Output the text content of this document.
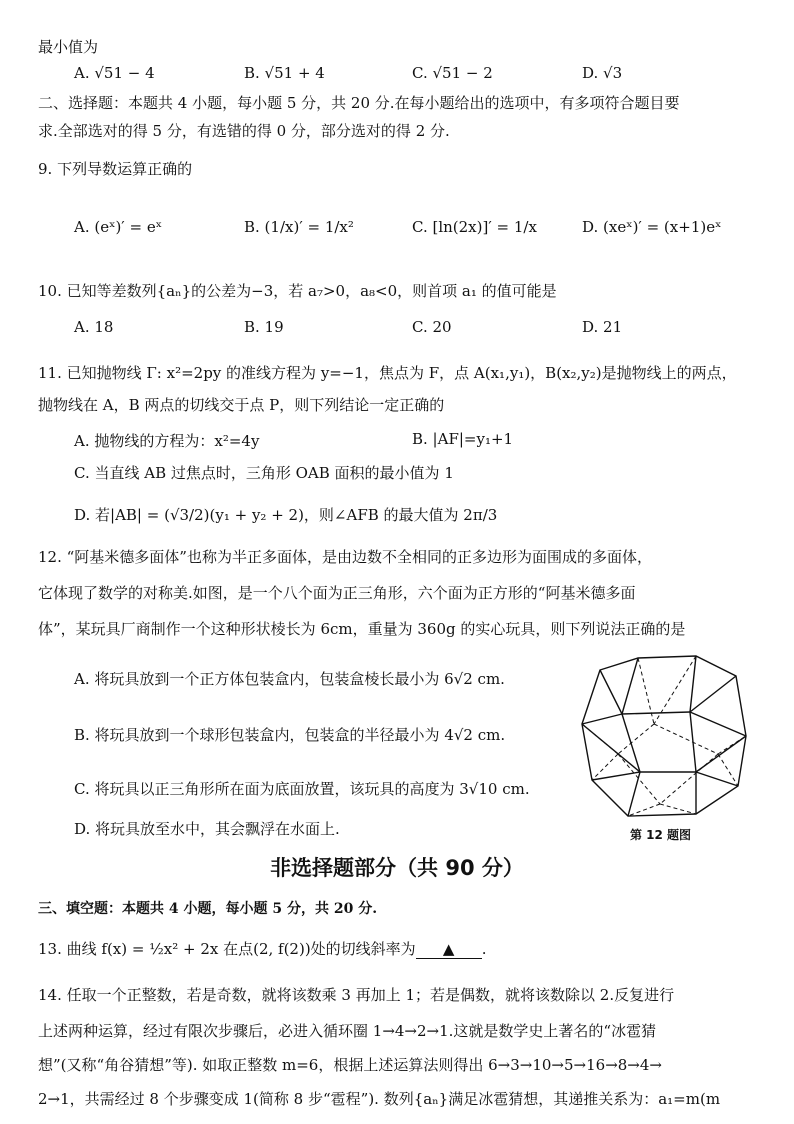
最小值为
A. √51 − 4	B. √51 + 4	C. √51 − 2	D. √3
二、选择题：本题共 4 小题，每小题 5 分，共 20 分.在每小题给出的选项中，有多项符合题目要
求.全部选对的得 5 分，有选错的得 0 分，部分选对的得 2 分.
9. 下列导数运算正确的
A. (eˣ)′ = eˣ	B. (1/x)′ = 1/x²	C. [ln(2x)]′ = 1/x	D. (xeˣ)′ = (x+1)eˣ
10. 已知等差数列{aₙ}的公差为−3，若 a₇>0，a₈<0，则首项 a₁ 的值可能是
A. 18	B. 19	C. 20	D. 21
11. 已知抛物线 Γ: x²=2py 的准线方程为 y=−1，焦点为 F，点 A(x₁,y₁)，B(x₂,y₂)是抛物线上的两点，
抛物线在 A，B 两点的切线交于点 P，则下列结论一定正确的
A. 抛物线的方程为：x²=4y	B. |AF|=y₁+1
C. 当直线 AB 过焦点时，三角形 OAB 面积的最小值为 1
D. 若|AB| = (√3/2)(y₁ + y₂ + 2)，则∠AFB 的最大值为 2π/3
12. “阿基米德多面体”也称为半正多面体，是由边数不全相同的正多边形为面围成的多面体，
它体现了数学的对称美.如图，是一个八个面为正三角形，六个面为正方形的“阿基米德多面
体”，某玩具厂商制作一个这种形状棱长为 6cm，重量为 360g 的实心玩具，则下列说法正确的是
A. 将玩具放到一个正方体包装盒内，包装盒棱长最小为 6√2 cm.
B. 将玩具放到一个球形包装盒内，包装盒的半径最小为 4√2 cm.
C. 将玩具以正三角形所在面为底面放置，该玩具的高度为 3√10 cm.
D. 将玩具放至水中，其会飘浮在水面上.	第 12 题图
非选择题部分（共 90 分）
三、填空题：本题共 4 小题，每小题 5 分，共 20 分.
13. 曲线 f(x) = ½x² + 2x 在点(2, f(2))处的切线斜率为 ▲ .
14. 任取一个正整数，若是奇数，就将该数乘 3 再加上 1；若是偶数，就将该数除以 2.反复进行
上述两种运算，经过有限次步骤后，必进入循环圈 1→4→2→1.这就是数学史上著名的“冰雹猜
想”(又称“角谷猜想”等). 如取正整数 m=6，根据上述运算法则得出 6→3→10→5→16→8→4→
2→1，共需经过 8 个步骤变成 1(简称 8 步“雹程”). 数列{aₙ}满足冰雹猜想，其递推关系为：a₁=m(m
